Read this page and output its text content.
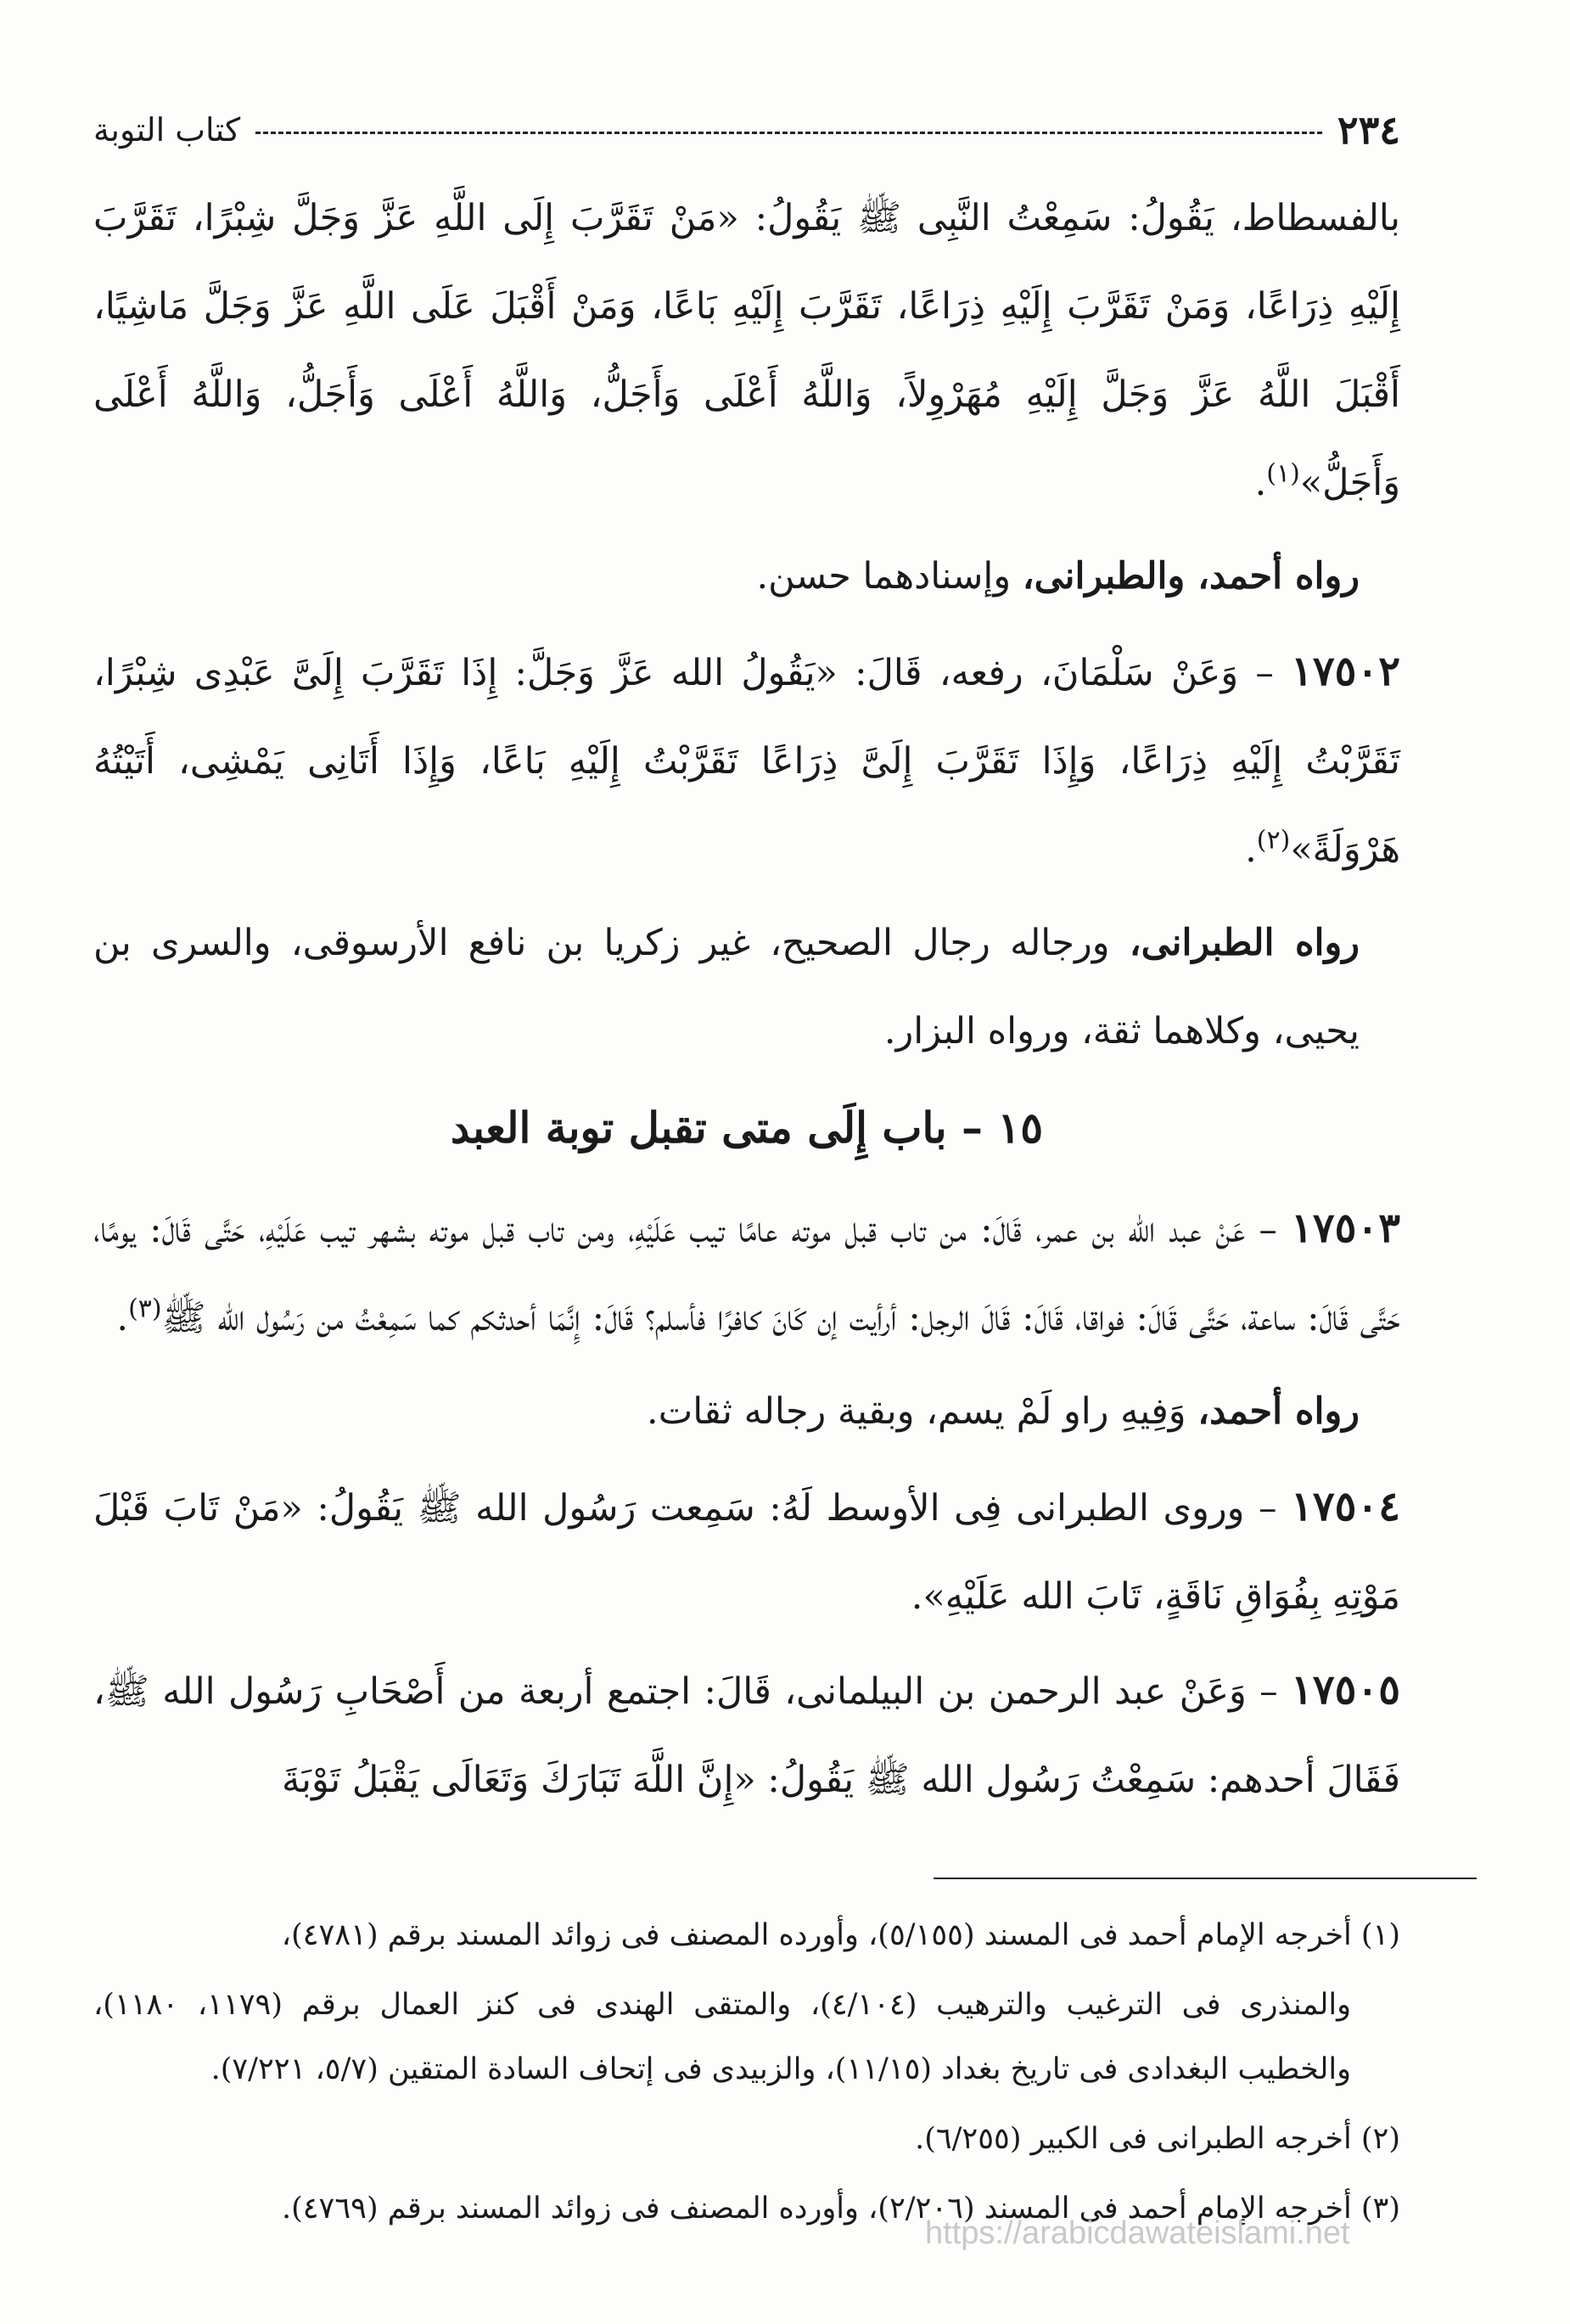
٢٣٤
كتاب التوبة

بالفسطاط، يَقُولُ: سَمِعْتُ النَّبِى ﷺ يَقُولُ: «مَنْ تَقَرَّبَ إِلَى اللَّهِ عَزَّ وَجَلَّ شِبْرًا، تَقَرَّبَ إِلَيْهِ ذِرَاعًا، وَمَنْ تَقَرَّبَ إِلَيْهِ ذِرَاعًا، تَقَرَّبَ إِلَيْهِ بَاعًا، وَمَنْ أَقْبَلَ عَلَى اللَّهِ عَزَّ وَجَلَّ مَاشِيًا، أَقْبَلَ اللَّهُ عَزَّ وَجَلَّ إِلَيْهِ مُهَرْوِلاً، وَاللَّهُ أَعْلَى وَأَجَلُّ، وَاللَّهُ أَعْلَى وَأَجَلُّ، وَاللَّهُ أَعْلَى وَأَجَلُّ»$^{(١)}$.

رواه أحمد، والطبرانى، وإسنادهما حسن.

١٧٥٠٢ – وَعَنْ سَلْمَانَ، رفعه، قَالَ: «يَقُولُ الله عَزَّ وَجَلَّ: إِذَا تَقَرَّبَ إِلَىَّ عَبْدِى شِبْرًا، تَقَرَّبْتُ إِلَيْهِ ذِرَاعًا، وَإِذَا تَقَرَّبَ إِلَىَّ ذِرَاعًا تَقَرَّبْتُ إِلَيْهِ بَاعًا، وَإِذَا أَتَانِى يَمْشِى، أَتَيْتُهُ هَرْوَلَةً»$^{(٢)}$.

رواه الطبرانى، ورجاله رجال الصحيح، غير زكريا بن نافع الأرسوقى، والسرى بن يحيى، وكلاهما ثقة، ورواه البزار.

١٥ – باب إِلَى متى تقبل توبة العبد

١٧٥٠٣ – عَنْ عبد الله بن عمر، قَالَ: من تاب قبل موته عامًا تيب عَلَيْهِ، ومن تاب قبل موته بشهر تيب عَلَيْهِ، حَتَّى قَالَ: يومًا، حَتَّى قَالَ: ساعة، حَتَّى قَالَ: فواقا، قَالَ: قَالَ الرجل: أرأيت إن كَانَ كافرًا فأسلم؟ قَالَ: إِنَّمَا أحدثكم كما سَمِعْتُ من رَسُول الله ﷺ$^{(٣)}$.

رواه أحمد، وَفِيهِ راو لَمْ يسم، وبقية رجاله ثقات.

١٧٥٠٤ – وروى الطبرانى فِى الأوسط لَهُ: سَمِعت رَسُول الله ﷺ يَقُولُ: «مَنْ تَابَ قَبْلَ مَوْتِهِ بِفُوَاقِ نَاقَةٍ، تَابَ الله عَلَيْهِ».

١٧٥٠٥ – وَعَنْ عبد الرحمن بن البيلمانى، قَالَ: اجتمع أربعة من أَصْحَابِ رَسُول الله ﷺ، فَقَالَ أحدهم: سَمِعْتُ رَسُول الله ﷺ يَقُولُ: «إِنَّ اللَّهَ تَبَارَكَ وَتَعَالَى يَقْبَلُ تَوْبَةَ

(١) أخرجه الإمام أحمد فى المسند (٥/١٥٥)، وأورده المصنف فى زوائد المسند برقم (٤٧٨١)،

والمنذرى فى الترغيب والترهيب (٤/١٠٤)، والمتقى الهندى فى كنز العمال برقم (١١٧٩، ١١٨٠)، والخطيب البغدادى فى تاريخ بغداد (١١/١٥)، والزبيدى فى إتحاف السادة المتقين (٥/٧، ٧/٢٢١).

(٢) أخرجه الطبرانى فى الكبير (٦/٢٥٥).

(٣) أخرجه الإمام أحمد فى المسند (٢/٢٠٦)، وأورده المصنف فى زوائد المسند برقم (٤٧٦٩).

https://arabicdawateislami.net
